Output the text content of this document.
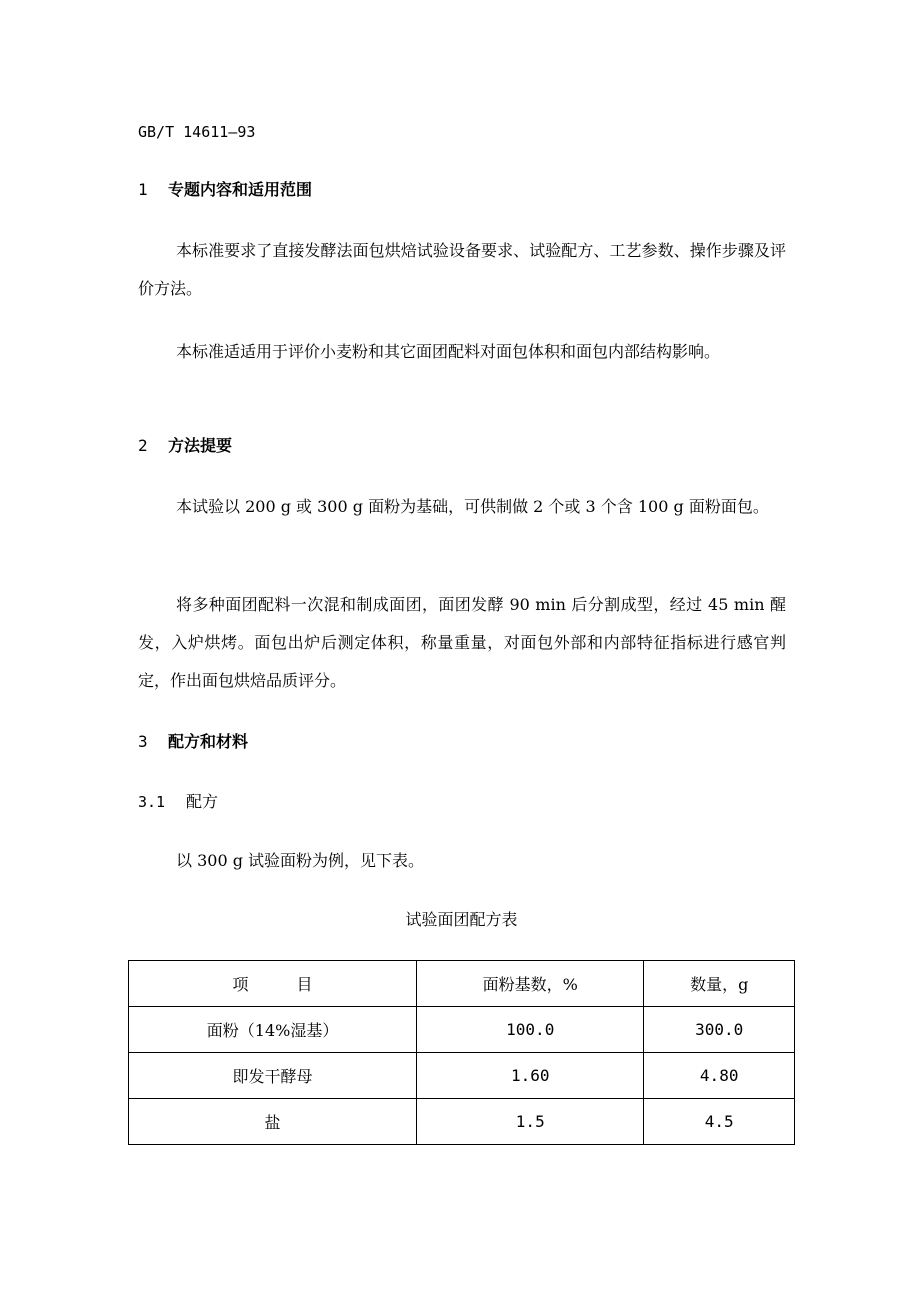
GB/T 14611—93
1 专题内容和适用范围
本标准要求了直接发酵法面包烘焙试验设备要求、试验配方、工艺参数、操作步骤及评价方法。
本标准适适用于评价小麦粉和其它面团配料对面包体积和面包内部结构影响。
2 方法提要
本试验以 200 g 或 300 g 面粉为基础，可供制做 2 个或 3 个含 100 g 面粉面包。
将多种面团配料一次混和制成面团，面团发酵 90 min 后分割成型，经过 45 min 醒发，入炉烘烤。面包出炉后测定体积，称量重量，对面包外部和内部特征指标进行感官判定，作出面包烘焙品质评分。
3 配方和材料
3.1 配方
以 300 g 试验面粉为例，见下表。
试验面团配方表
项　　　目	面粉基数，%	数量，g
面粉（14%湿基）	100.0	300.0
即发干酵母	1.60	4.80
盐	1.5	4.5
